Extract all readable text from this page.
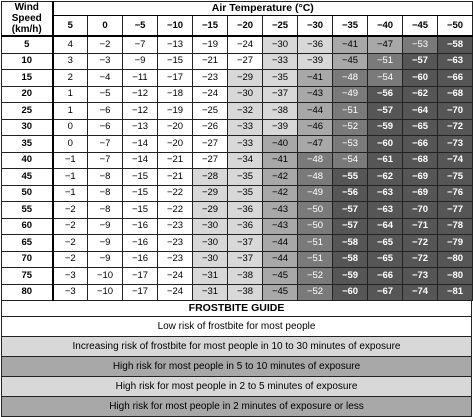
Wind Speed (km/h)	Air Temperature (°C)											
	5	0	−5	−10	−15	−20	−25	−30	−35	−40	−45	−50
5	4	−2	−7	−13	−19	−24	−30	−36	−41	−47	−53	−58
10	3	−3	−9	−15	−21	−27	−33	−39	−45	−51	−57	−63
15	2	−4	−11	−17	−23	−29	−35	−41	−48	−54	−60	−66
20	1	−5	−12	−18	−24	−30	−37	−43	−49	−56	−62	−68
25	1	−6	−12	−19	−25	−32	−38	−44	−51	−57	−64	−70
30	0	−6	−13	−20	−26	−33	−39	−46	−52	−59	−65	−72
35	0	−7	−14	−20	−27	−33	−40	−47	−53	−60	−66	−73
40	−1	−7	−14	−21	−27	−34	−41	−48	−54	−61	−68	−74
45	−1	−8	−15	−21	−28	−35	−42	−48	−55	−62	−69	−75
50	−1	−8	−15	−22	−29	−35	−42	−49	−56	−63	−69	−76
55	−2	−8	−15	−22	−29	−36	−43	−50	−57	−63	−70	−77
60	−2	−9	−16	−23	−30	−36	−43	−50	−57	−64	−71	−78
65	−2	−9	−16	−23	−30	−37	−44	−51	−58	−65	−72	−79
70	−2	−9	−16	−23	−30	−37	−44	−51	−58	−65	−72	−80
75	−3	−10	−17	−24	−31	−38	−45	−52	−59	−66	−73	−80
80	−3	−10	−17	−24	−31	−38	−45	−52	−60	−67	−74	−81
FROSTBITE GUIDE
Low risk of frostbite for most people
Increasing risk of frostbite for most people in 10 to 30 minutes of exposure
High risk for most people in 5 to 10 minutes of exposure
High risk for most people in 2 to 5 minutes of exposure
High risk for most people in 2 minutes of exposure or less
